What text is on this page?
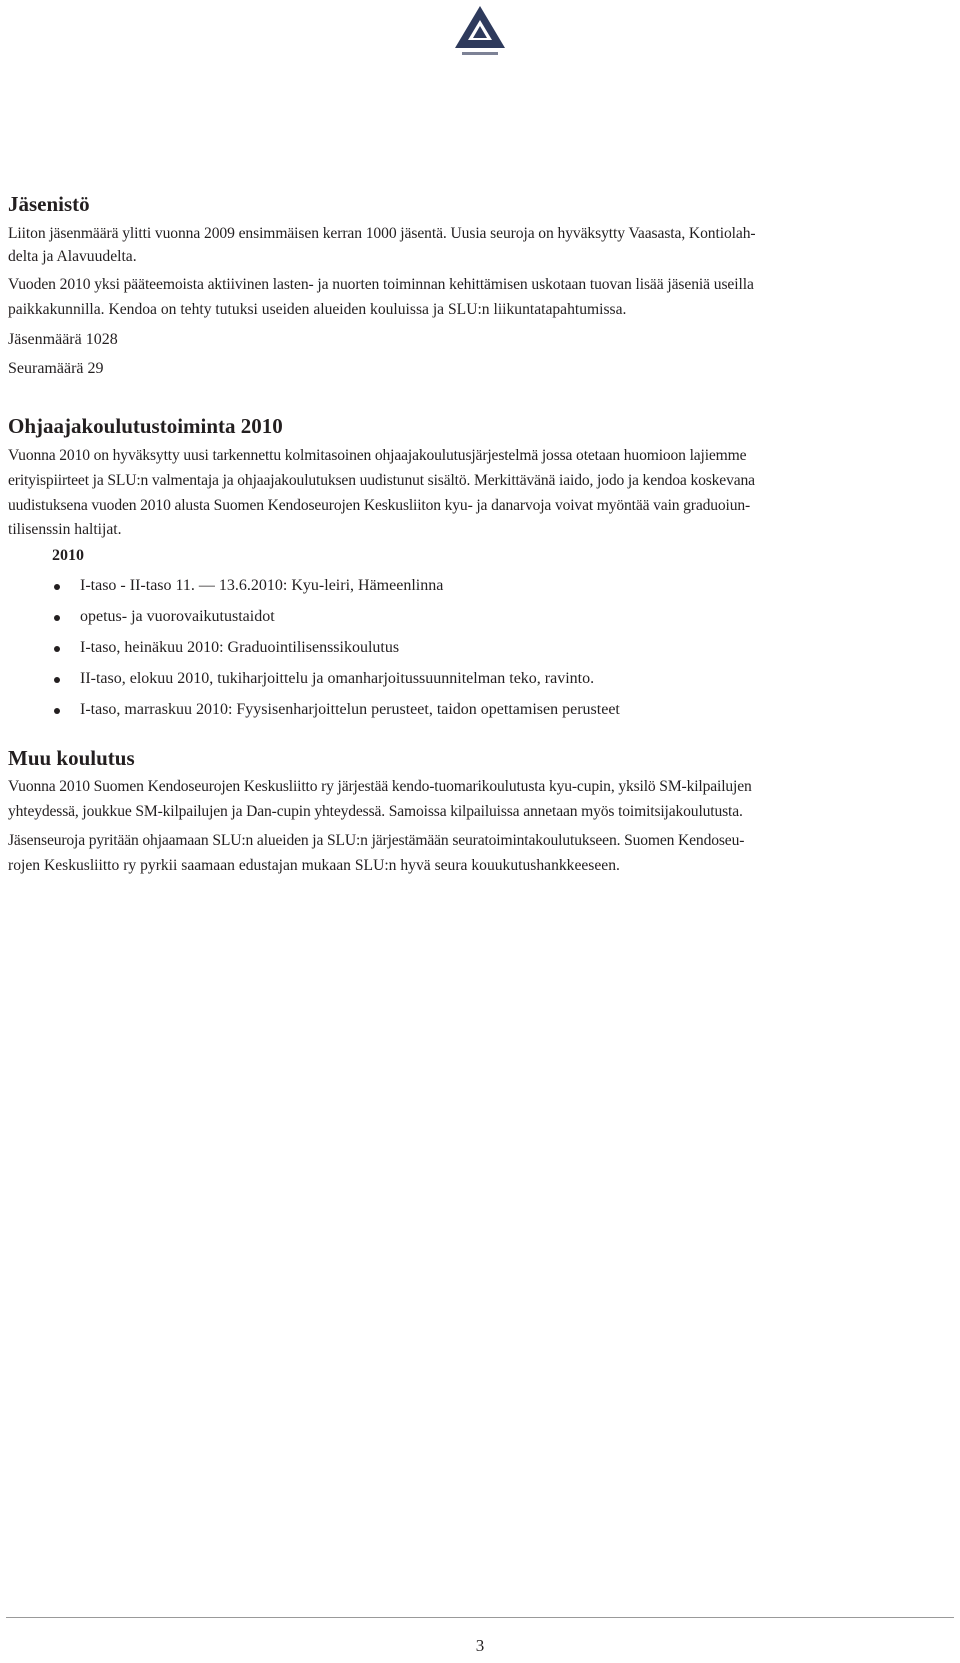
Jäsenistö

Liiton jäsenmäärä ylitti vuonna 2009 ensimmäisen kerran 1000 jäsentä. Uusia seuroja on hyväksytty Vaasasta, Kontiolah-

delta ja Alavuudelta.

Vuoden 2010 yksi pääteemoista aktiivinen lasten- ja nuorten toiminnan kehittämisen uskotaan tuovan lisää jäseniä useilla

paikkakunnilla. Kendoa on tehty tutuksi useiden alueiden kouluissa ja SLU:n liikuntatapahtumissa.

Jäsenmäärä 1028

Seuramäärä 29

Ohjaajakoulutustoiminta 2010

Vuonna 2010 on hyväksytty uusi tarkennettu kolmitasoinen ohjaajakoulutusjärjestelmä jossa otetaan huomioon lajiemme

erityispiirteet ja SLU:n valmentaja ja ohjaajakoulutuksen uudistunut sisältö. Merkittävänä iaido, jodo ja kendoa koskevana

uudistuksena vuoden 2010 alusta Suomen Kendoseurojen Keskusliiton kyu- ja danarvoja voivat myöntää vain graduoiun-

tilisenssin haltijat.

2010

I-taso - II-taso 11. — 13.6.2010: Kyu-leiri, Hämeenlinna
opetus- ja vuorovaikutustaidot
I-taso, heinäkuu 2010: Graduointilisenssikoulutus
II-taso, elokuu 2010, tukiharjoittelu ja omanharjoitussuunnitelman teko, ravinto.
I-taso, marraskuu 2010: Fyysisenharjoittelun perusteet, taidon opettamisen perusteet
Muu koulutus

Vuonna 2010 Suomen Kendoseurojen Keskusliitto ry järjestää kendo-tuomarikoulutusta kyu-cupin, yksilö SM-kilpailujen

yhteydessä, joukkue SM-kilpailujen ja Dan-cupin yhteydessä. Samoissa kilpailuissa annetaan myös toimitsijakoulutusta.

Jäsenseuroja pyritään ohjaamaan SLU:n alueiden ja SLU:n järjestämään seuratoimintakoulutukseen. Suomen Kendoseu-

rojen Keskusliitto ry pyrkii saamaan edustajan mukaan SLU:n hyvä seura kouukutushankkeeseen.

3
